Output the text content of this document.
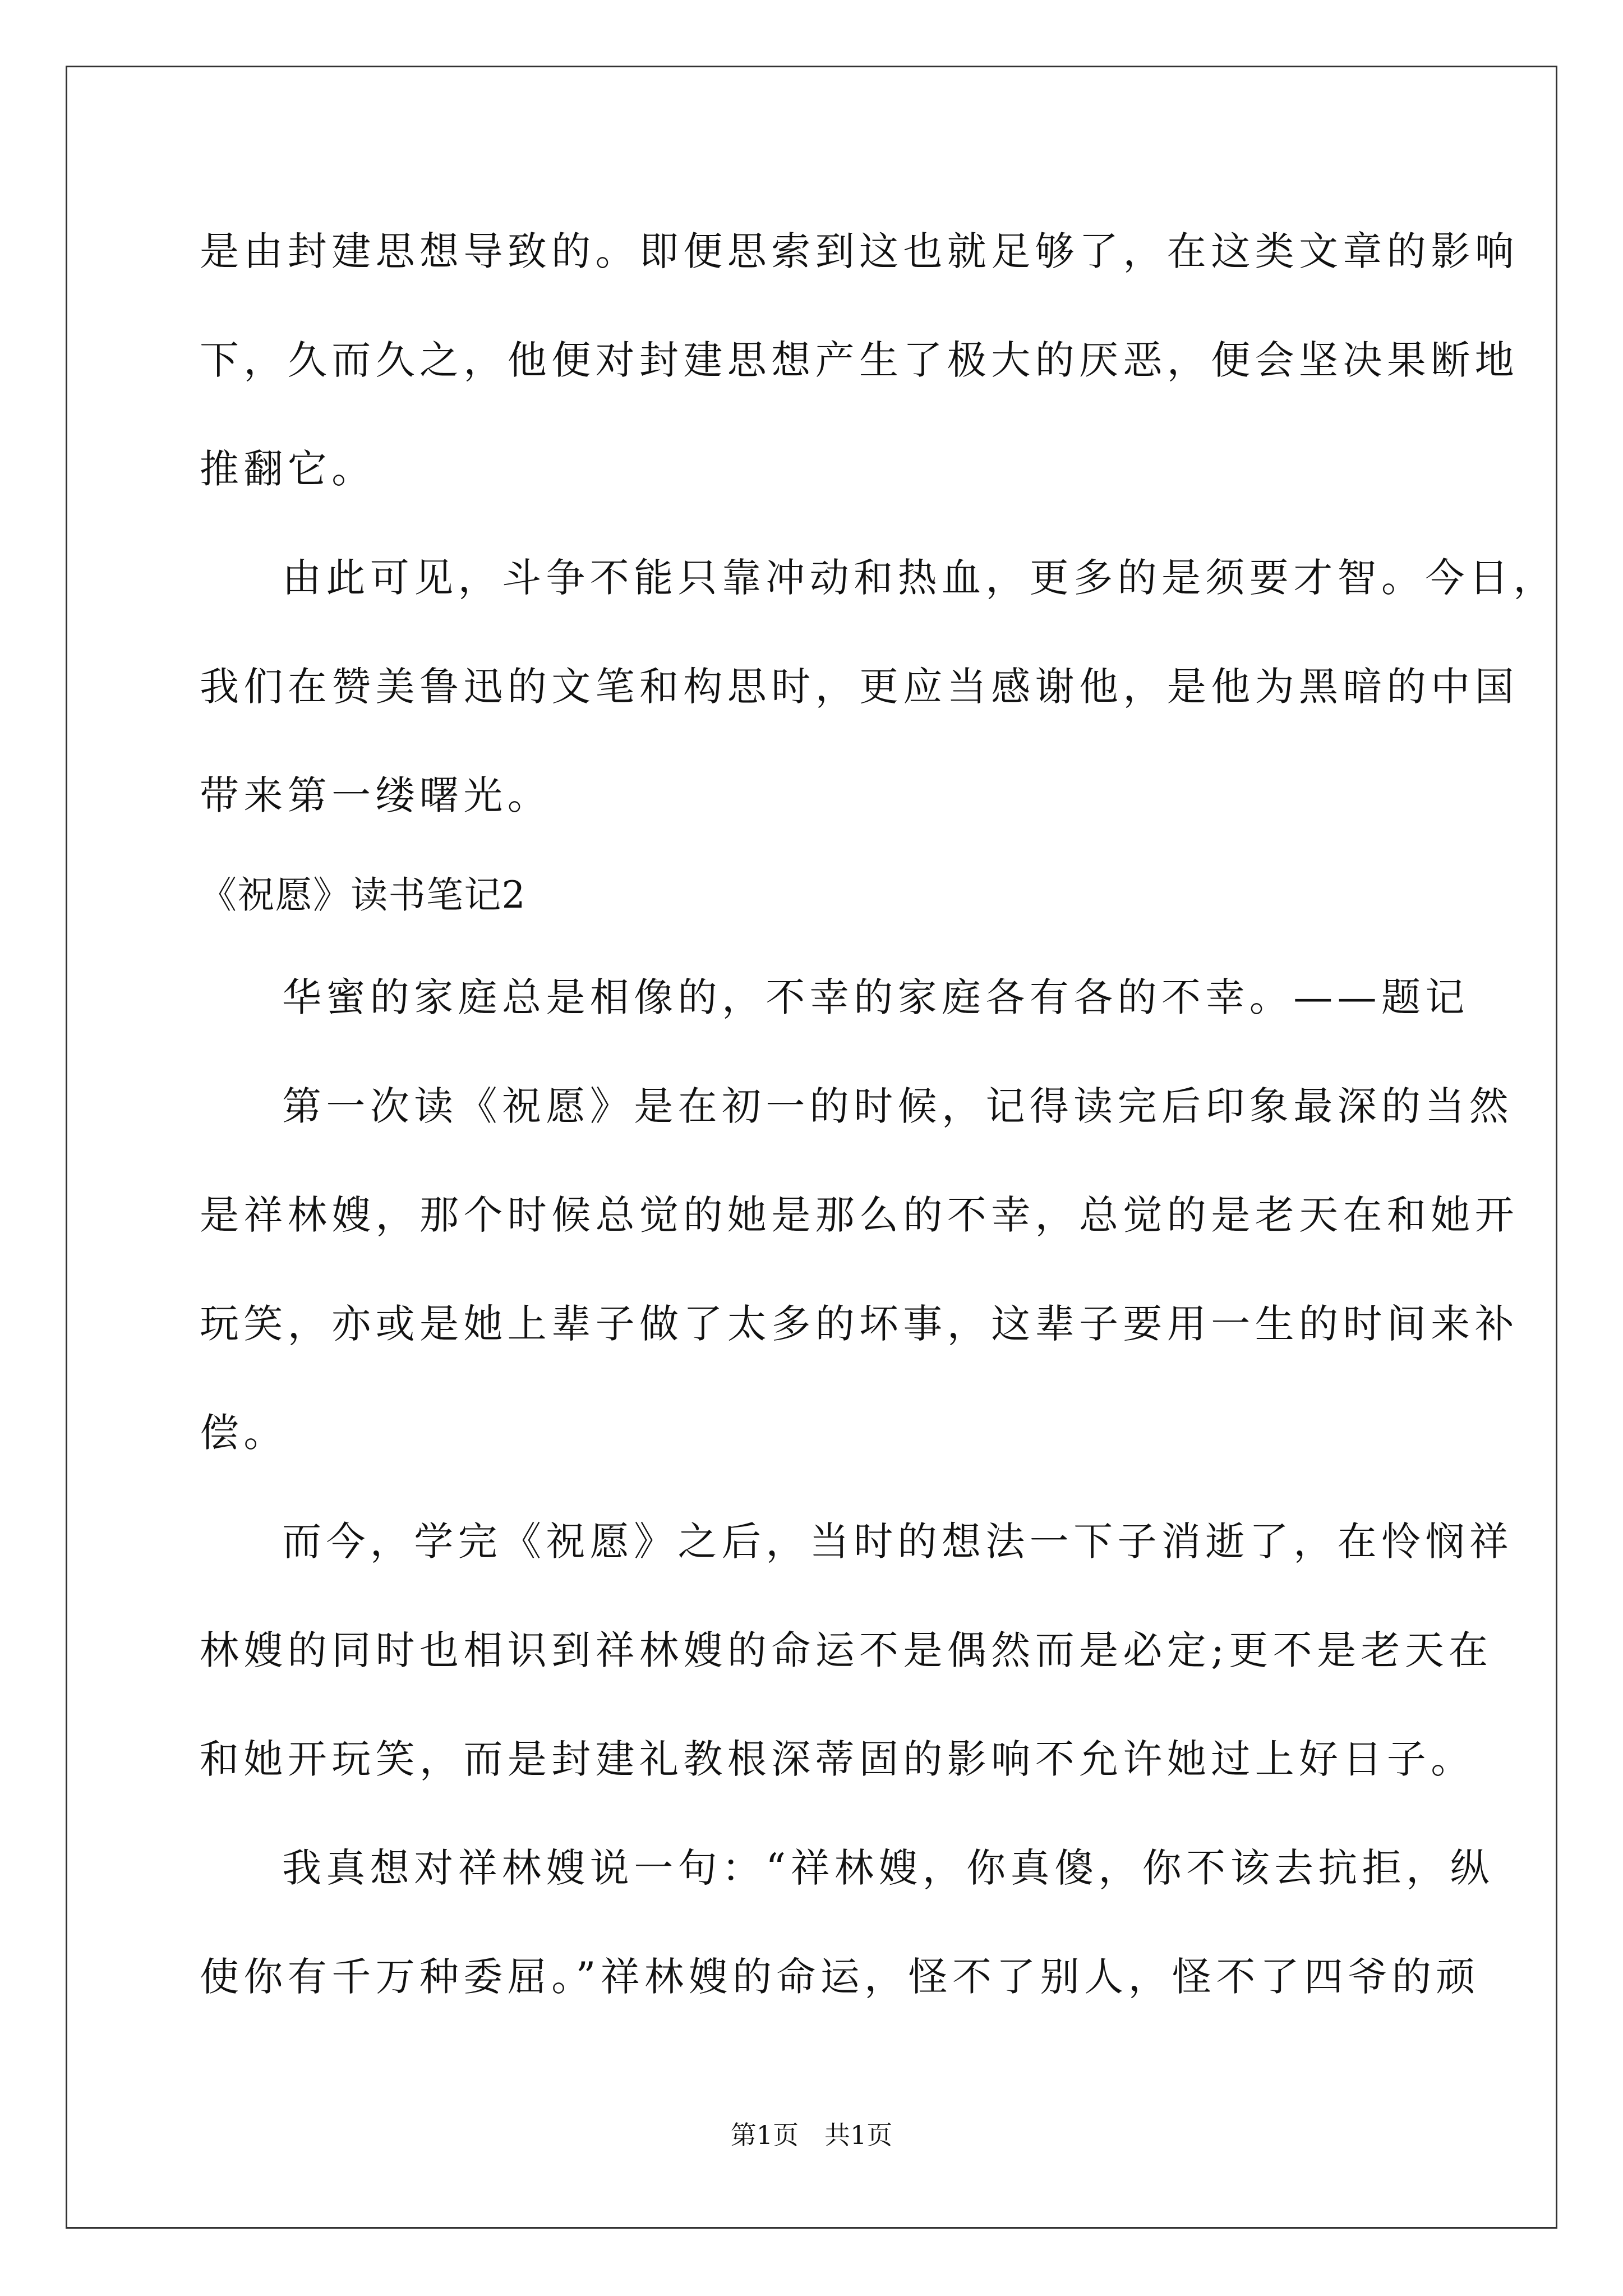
是由封建思想导致的。即便思索到这也就足够了，在这类文章的影响
下，久而久之，他便对封建思想产生了极大的厌恶，便会坚决果断地
推翻它。
由此可见，斗争不能只靠冲动和热血，更多的是须要才智。今日，
我们在赞美鲁迅的文笔和构思时，更应当感谢他，是他为黑暗的中国
带来第一缕曙光。
《祝愿》读书笔记2
华蜜的家庭总是相像的，不幸的家庭各有各的不幸。——题记
第一次读《祝愿》是在初一的时候，记得读完后印象最深的当然
是祥林嫂，那个时候总觉的她是那么的不幸，总觉的是老天在和她开
玩笑，亦或是她上辈子做了太多的坏事，这辈子要用一生的时间来补
偿。
而今，学完《祝愿》之后，当时的想法一下子消逝了，在怜悯祥
林嫂的同时也相识到祥林嫂的命运不是偶然而是必定;更不是老天在
和她开玩笑，而是封建礼教根深蒂固的影响不允许她过上好日子。
我真想对祥林嫂说一句：“祥林嫂，你真傻，你不该去抗拒，纵
使你有千万种委屈。”祥林嫂的命运，怪不了别人，怪不了四爷的顽
第1页　共1页
